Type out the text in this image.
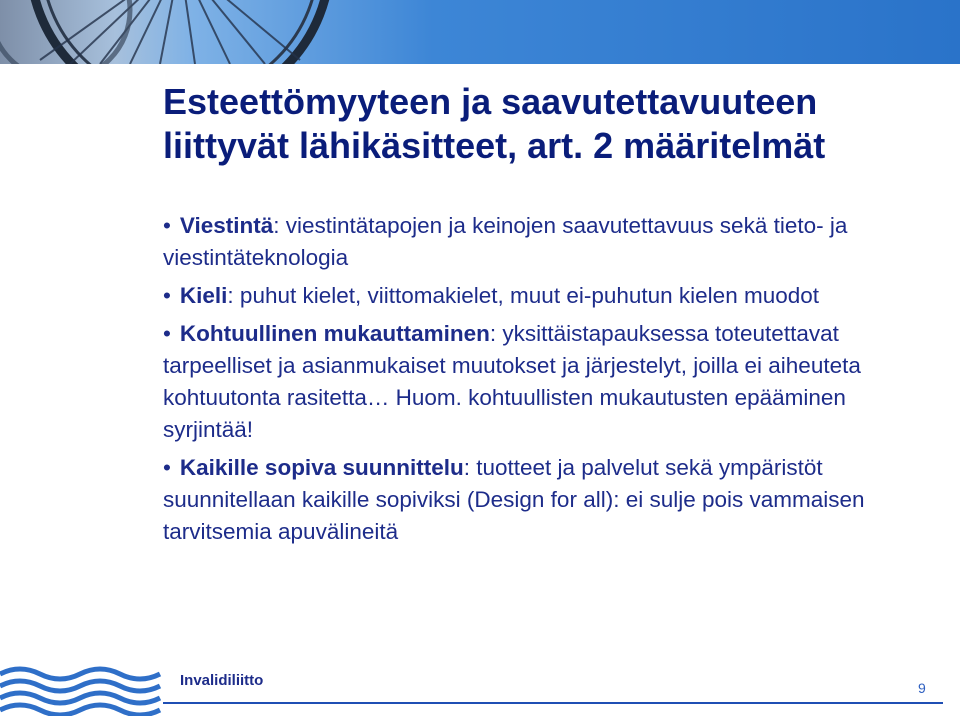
Esteettömyyteen ja saavutettavuuteen
liittyvät lähikäsitteet, art. 2 määritelmät
• Viestintä: viestintätapojen ja keinojen saavutettavuus sekä tieto- ja viestintäteknologia
• Kieli: puhut kielet, viittomakielet, muut ei-puhutun kielen muodot
• Kohtuullinen mukauttaminen: yksittäistapauksessa toteutettavat tarpeelliset ja asianmukaiset muutokset ja järjestelyt, joilla ei aiheuteta kohtuutonta rasitetta… Huom. kohtuullisten mukautusten epääminen syrjintää!
• Kaikille sopiva suunnittelu: tuotteet ja palvelut sekä ympäristöt suunnitellaan kaikille sopiviksi (Design for all): ei sulje pois vammaisen tarvitsemia apuvälineitä
Invalidiliitto	9
